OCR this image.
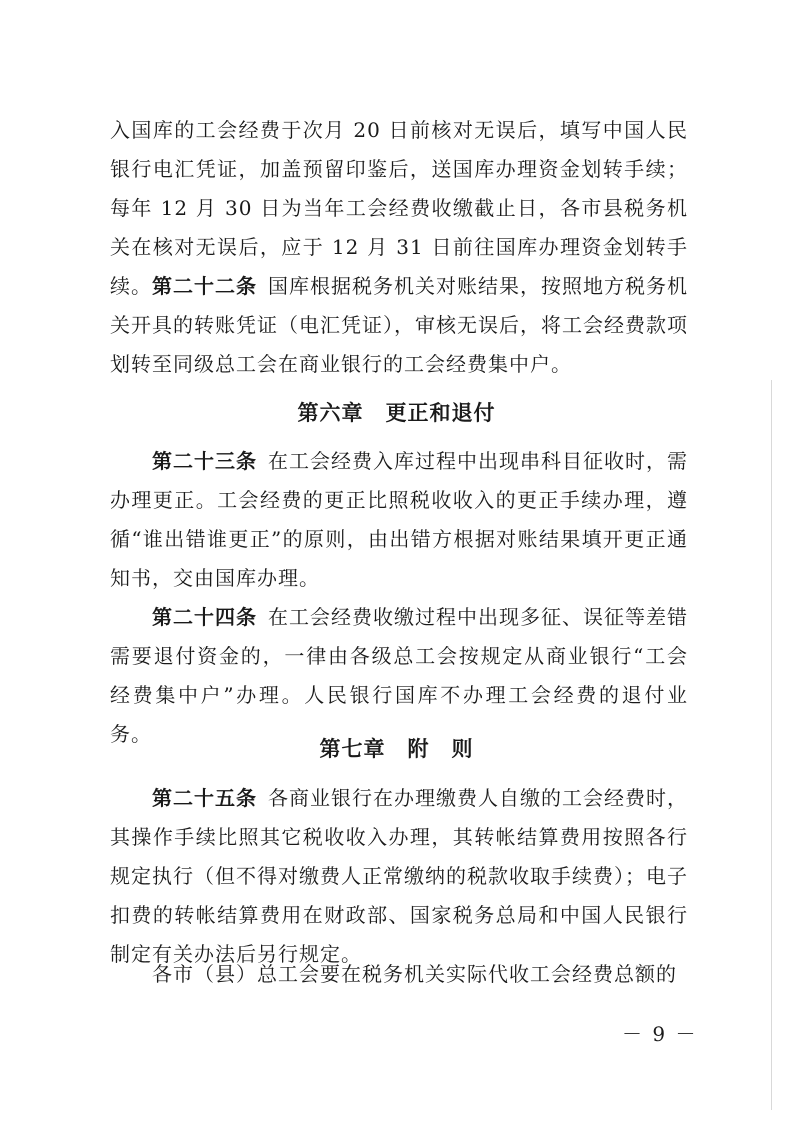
入国库的工会经费于次月 20 日前核对无误后，填写中国人民银行电汇凭证，加盖预留印鉴后，送国库办理资金划转手续；每年 12 月 30 日为当年工会经费收缴截止日，各市县税务机关在核对无误后，应于 12 月 31 日前往国库办理资金划转手续。 第二十二条  国库根据税务机关对账结果，按照地方税务机关开具的转账凭证（电汇凭证），审核无误后，将工会经费款项划转至同级总工会在商业银行的工会经费集中户。
第六章 更正和退付
第二十三条  在工会经费入库过程中出现串科目征收时，需办理更正。工会经费的更正比照税收收入的更正手续办理，遵循“谁出错谁更正”的原则，由出错方根据对账结果填开更正通知书，交由国库办理。
第二十四条  在工会经费收缴过程中出现多征、误征等差错需要退付资金的，一律由各级总工会按规定从商业银行“工会经费集中户”办理。人民银行国库不办理工会经费的退付业务。
第七章 附　则
第二十五条  各商业银行在办理缴费人自缴的工会经费时，其操作手续比照其它税收收入办理，其转帐结算费用按照各行规定执行（但不得对缴费人正常缴纳的税款收取手续费）；电子扣费的转帐结算费用在财政部、国家税务总局和中国人民银行制定有关办法后另行规定。
各市（县）总工会要在税务机关实际代收工会经费总额的
－ 9 －
